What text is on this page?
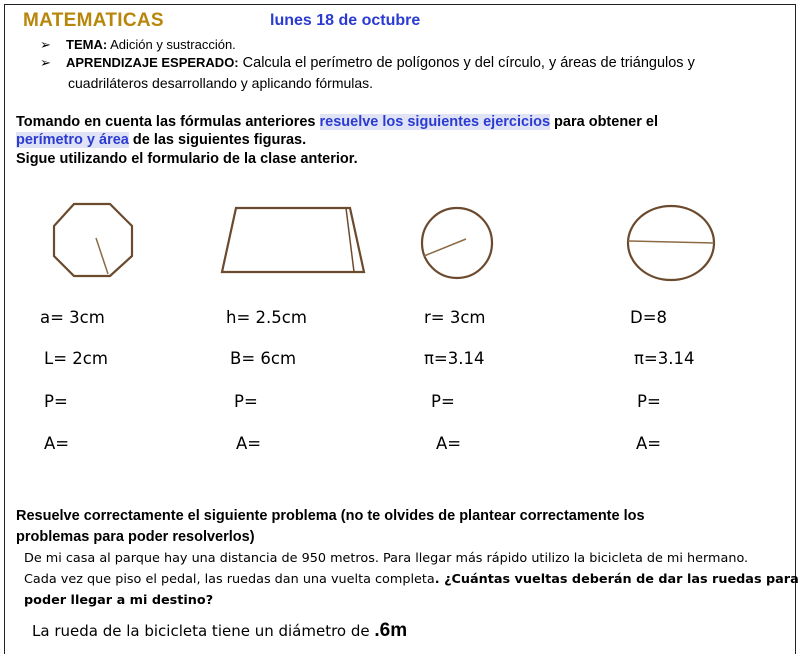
MATEMATICAS	lunes 18 de octubre
➢ TEMA: Adición y sustracción.
➢ APRENDIZAJE ESPERADO: Calcula el perímetro de polígonos y del círculo, y áreas de triángulos y
cuadriláteros desarrollando y aplicando fórmulas.
Tomando en cuenta las fórmulas anteriores resuelve los siguientes ejercicios para obtener el
perímetro y área de las siguientes figuras.
Sigue utilizando el formulario de la clase anterior.
a= 3cm	h= 2.5cm	r= 3cm	D=8
L= 2cm	B= 6cm	π=3.14	π=3.14
P=	P=	P=	P=
A=	A=	A=	A=
Resuelve correctamente el siguiente problema (no te olvides de plantear correctamente los
problemas para poder resolverlos)
De mi casa al parque hay una distancia de 950 metros. Para llegar más rápido utilizo la bicicleta de mi hermano.
Cada vez que piso el pedal, las ruedas dan una vuelta completa. ¿Cuántas vueltas deberán de dar las ruedas para
poder llegar a mi destino?
La rueda de la bicicleta tiene un diámetro de .6m
